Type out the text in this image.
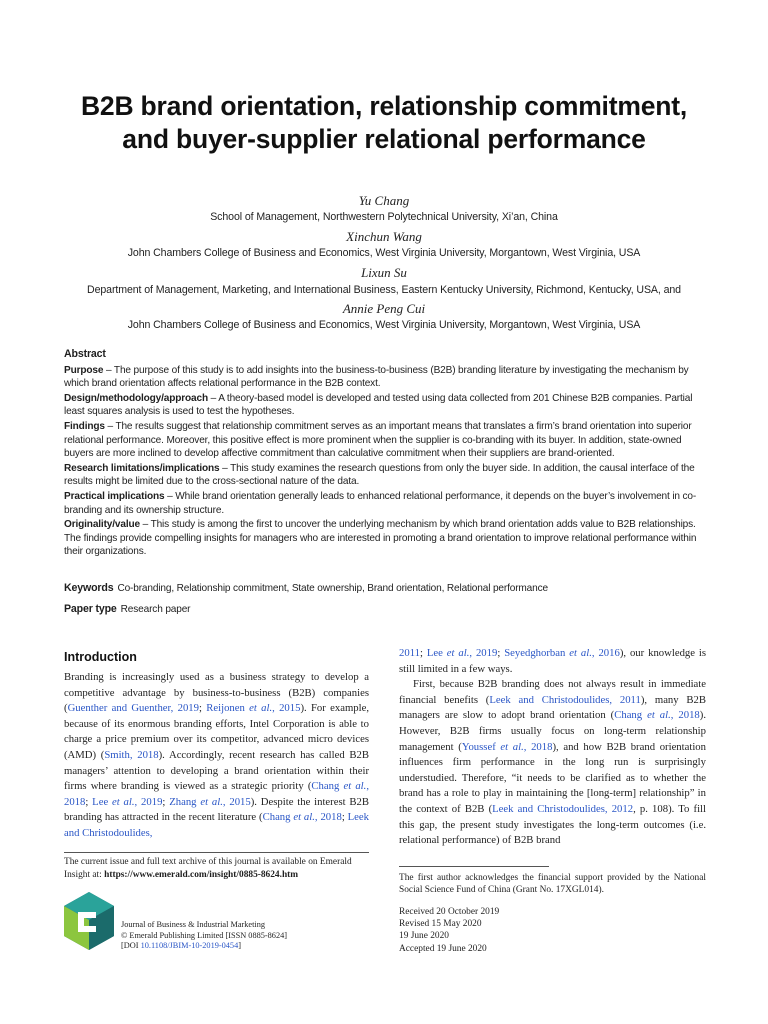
B2B brand orientation, relationship commitment, and buyer-supplier relational performance
Yu Chang
School of Management, Northwestern Polytechnical University, Xi’an, China
Xinchun Wang
John Chambers College of Business and Economics, West Virginia University, Morgantown, West Virginia, USA
Lixun Su
Department of Management, Marketing, and International Business, Eastern Kentucky University, Richmond, Kentucky, USA, and
Annie Peng Cui
John Chambers College of Business and Economics, West Virginia University, Morgantown, West Virginia, USA
Abstract

Purpose – The purpose of this study is to add insights into the business-to-business (B2B) branding literature by investigating the mechanism by which brand orientation affects relational performance in the B2B context.

Design/methodology/approach – A theory-based model is developed and tested using data collected from 201 Chinese B2B companies. Partial least squares analysis is used to test the hypotheses.

Findings – The results suggest that relationship commitment serves as an important means that translates a firm’s brand orientation into superior relational performance. Moreover, this positive effect is more prominent when the supplier is co-branding with its buyer. In addition, state-owned buyers are more inclined to develop affective commitment than calculative commitment when their suppliers are brand-oriented.

Research limitations/implications – This study examines the research questions from only the buyer side. In addition, the causal interface of the results might be limited due to the cross-sectional nature of the data.

Practical implications – While brand orientation generally leads to enhanced relational performance, it depends on the buyer’s involvement in co-branding and its ownership structure.

Originality/value – This study is among the first to uncover the underlying mechanism by which brand orientation adds value to B2B relationships. The findings provide compelling insights for managers who are interested in promoting a brand orientation to improve relational performance within their organizations.

Keywords Co-branding, Relationship commitment, State ownership, Brand orientation, Relational performance
Paper type Research paper
Introduction

Branding is increasingly used as a business strategy to develop a competitive advantage by business-to-business (B2B) companies (Guenther and Guenther, 2019; Reijonen et al., 2015). For example, because of its enormous branding efforts, Intel Corporation is able to charge a price premium over its competitor, advanced micro devices (AMD) (Smith, 2018). Accordingly, recent research has called B2B managers’ attention to developing a brand orientation within their firms where branding is viewed as a strategic priority (Chang et al., 2018; Lee et al., 2019; Zhang et al., 2015). Despite the interest B2B branding has attracted in the recent literature (Chang et al., 2018; Leek and Christodoulides,

2011; Lee et al., 2019; Seyedghorban et al., 2016), our knowledge is still limited in a few ways.

First, because B2B branding does not always result in immediate financial benefits (Leek and Christodoulides, 2011), many B2B managers are slow to adopt brand orientation (Chang et al., 2018). However, B2B firms usually focus on long-term relationship management (Youssef et al., 2018), and how B2B brand orientation influences firm performance in the long run is surprisingly understudied. Therefore, “it needs to be clarified as to whether the brand has a role to play in maintaining the [long-term] relationship” in the context of B2B (Leek and Christodoulides, 2012, p. 108). To fill this gap, the present study investigates the long-term outcomes (i.e. relational performance) of B2B brand

The current issue and full text archive of this journal is available on Emerald Insight at: https://www.emerald.com/insight/0885-8624.htm
Journal of Business & Industrial Marketing
© Emerald Publishing Limited [ISSN 0885-8624]
[DOI 10.1108/JBIM-10-2019-0454]
The first author acknowledges the financial support provided by the National Social Science Fund of China (Grant No. 17XGL014).
Received 20 October 2019
Revised 15 May 2020
19 June 2020
Accepted 19 June 2020
